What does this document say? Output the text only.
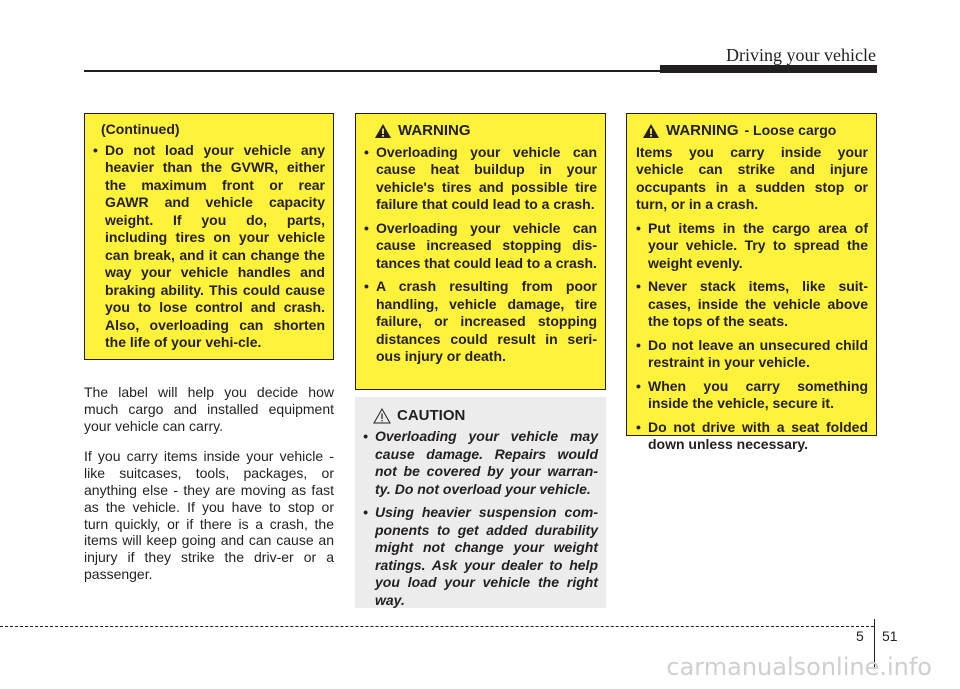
Driving your vehicle
(Continued)
• Do not load your vehicle any heavier than the GVWR, either the maximum front or rear GAWR and vehicle capacity weight. If you do, parts, including tires on your vehicle can break, and it can change the way your vehicle handles and braking ability. This could cause you to lose control and crash. Also, overloading can shorten the life of your vehi-cle.

The label will help you decide how much cargo and installed equipment your vehicle can carry.

If you carry items inside your vehicle - like suitcases, tools, packages, or anything else - they are moving as fast as the vehicle. If you have to stop or turn quickly, or if there is a crash, the items will keep going and can cause an injury if they strike the driv-er or a passenger.

WARNING
• Overloading your vehicle can cause heat buildup in your vehicle's tires and possible tire failure that could lead to a crash.
• Overloading your vehicle can cause increased stopping dis-tances that could lead to a crash.
• A crash resulting from poor handling, vehicle damage, tire failure, or increased stopping distances could result in seri-ous injury or death.
CAUTION
• Overloading your vehicle may cause damage. Repairs would not be covered by your warran-ty. Do not overload your vehicle.
• Using heavier suspension com-ponents to get added durability might not change your weight ratings. Ask your dealer to help you load your vehicle the right way.
WARNING - Loose cargo
Items you carry inside your vehicle can strike and injure occupants in a sudden stop or turn, or in a crash.
• Put items in the cargo area of your vehicle. Try to spread the weight evenly.
• Never stack items, like suit-cases, inside the vehicle above the tops of the seats.
• Do not leave an unsecured child restraint in your vehicle.
• When you carry something inside the vehicle, secure it.
• Do not drive with a seat folded down unless necessary.
5 51
carmanualsonline.info
